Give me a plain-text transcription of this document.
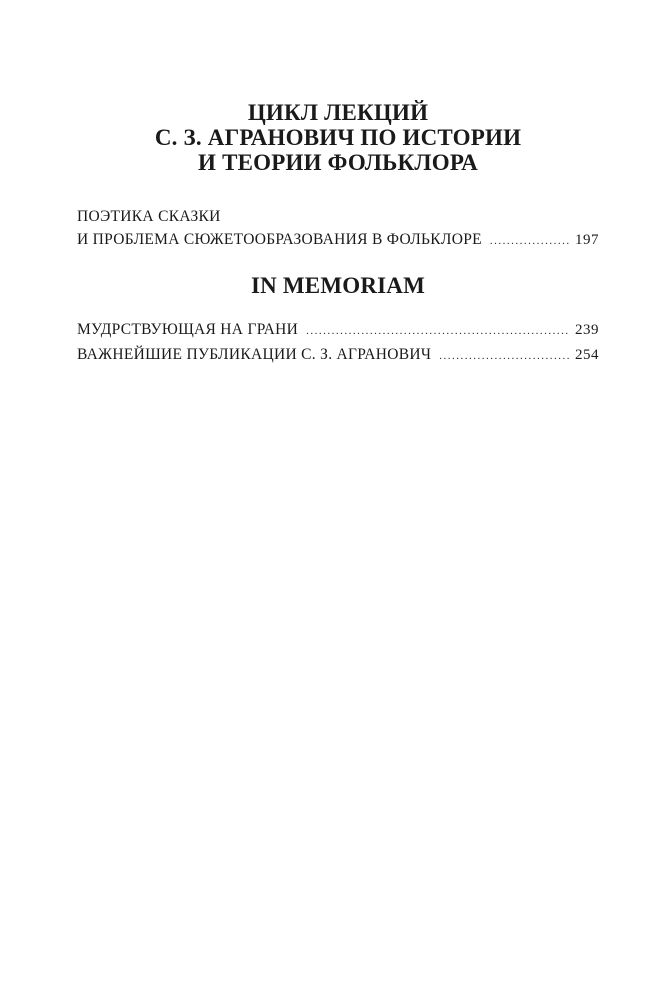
ЦИКЛ ЛЕКЦИЙ
С. З. АГРАНОВИЧ ПО ИСТОРИИ
И ТЕОРИИ ФОЛЬКЛОРА
ПОЭТИКА СКАЗКИ
И ПРОБЛЕМА СЮЖЕТООБРАЗОВАНИЯ В ФОЛЬКЛОРЕ .....	197
IN MEMORIAM
МУДРСТВУЮЩАЯ НА ГРАНИ .....	239
ВАЖНЕЙШИЕ ПУБЛИКАЦИИ С. З. АГРАНОВИЧ .....	254
